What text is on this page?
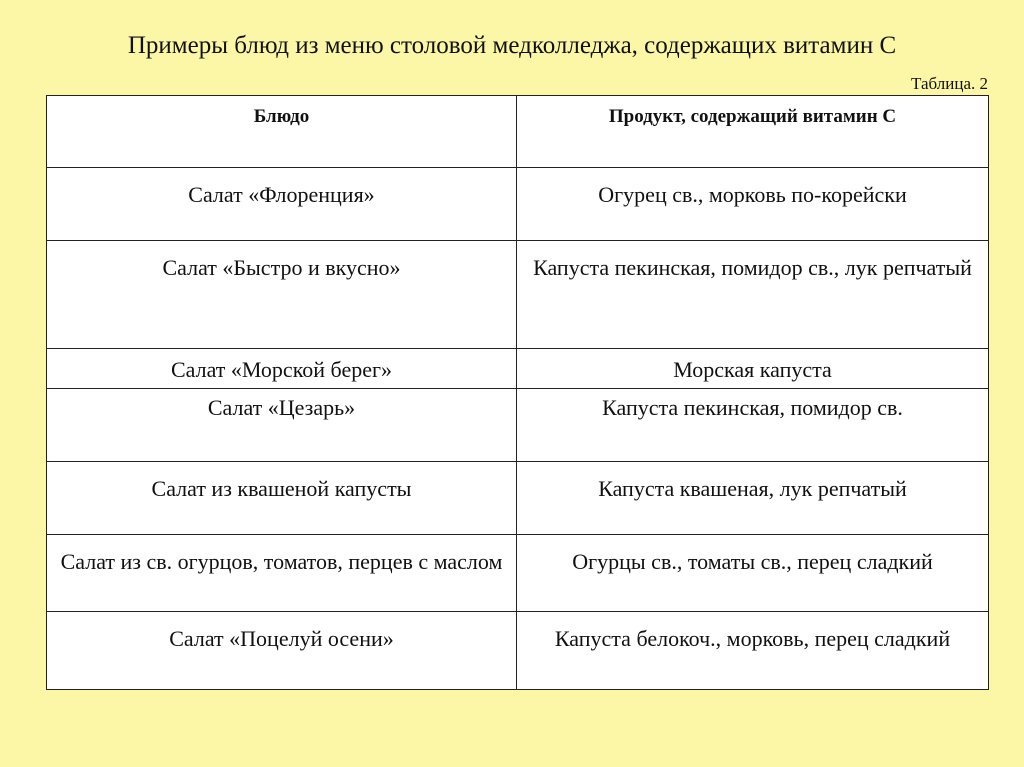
Примеры блюд из меню столовой медколледжа, содержащих витамин С
Таблица. 2
Блюдо	Продукт, содержащий витамин С
Салат «Флоренция»	Огурец св., морковь по-корейски
Салат «Быстро и вкусно»	Капуста пекинская, помидор св., лук репчатый
Салат «Морской берег»	Морская капуста
Салат «Цезарь»	Капуста пекинская, помидор св.
Салат из квашеной капусты	Капуста квашеная, лук репчатый
Салат из св. огурцов, томатов, перцев с маслом	Огурцы св., томаты св., перец сладкий
Салат «Поцелуй осени»	Капуста белокоч., морковь, перец сладкий
